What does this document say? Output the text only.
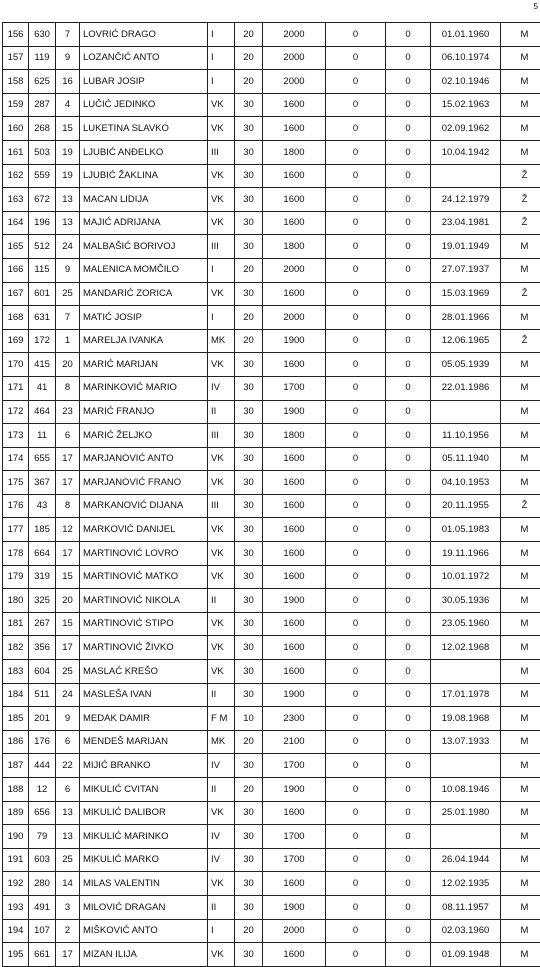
5
156	630	7	LOVRIĆ DRAGO	I	20	2000	0	0	01.01.1960	M
157	119	9	LOZANČIĆ ANTO	I	20	2000	0	0	06.10.1974	M
158	625	16	LUBAR JOSIP	I	20	2000	0	0	02.10.1946	M
159	287	4	LUČIĆ JEDINKO	VK	30	1600	0	0	15.02.1963	M
160	268	15	LUKETINA SLAVKO	VK	30	1600	0	0	02.09.1962	M
161	503	19	LJUBIĆ ANĐELKO	III	30	1800	0	0	10.04.1942	M
162	559	19	LJUBIĆ ŽAKLINA	VK	30	1600	0	0		Ž
163	672	13	MACAN LIDIJA	VK	30	1600	0	0	24.12.1979	Ž
164	196	13	MAJIĆ ADRIJANA	VK	30	1600	0	0	23.04.1981	Ž
165	512	24	MALBAŠIĆ BORIVOJ	III	30	1800	0	0	19.01.1949	M
166	115	9	MALENICA MOMČILO	I	20	2000	0	0	27.07.1937	M
167	601	25	MANDARIĆ ZORICA	VK	30	1600	0	0	15.03.1969	Ž
168	631	7	MATIĆ JOSIP	I	20	2000	0	0	28.01.1966	M
169	172	1	MARELJA IVANKA	MK	20	1900	0	0	12.06.1965	Ž
170	415	20	MARIĆ MARIJAN	VK	30	1600	0	0	05.05.1939	M
171	41	8	MARINKOVIĆ MARIO	IV	30	1700	0	0	22.01.1986	M
172	464	23	MARIĆ FRANJO	II	30	1900	0	0		M
173	11	6	MARIĆ ŽELJKO	III	30	1800	0	0	11.10.1956	M
174	655	17	MARJANOVIĆ ANTO	VK	30	1600	0	0	05.11.1940	M
175	367	17	MARJANOVIĆ FRANO	VK	30	1600	0	0	04.10.1953	M
176	43	8	MARKANOVIĆ DIJANA	III	30	1600	0	0	20.11.1955	Ž
177	185	12	MARKOVIĆ DANIJEL	VK	30	1600	0	0	01.05.1983	M
178	664	17	MARTINOVIĆ LOVRO	VK	30	1600	0	0	19.11.1966	M
179	319	15	MARTINOVIĆ MATKO	VK	30	1600	0	0	10.01.1972	M
180	325	20	MARTINOVIĆ NIKOLA	II	30	1900	0	0	30.05.1936	M
181	267	15	MARTINOVIĆ STIPO	VK	30	1600	0	0	23.05.1960	M
182	356	17	MARTINOVIĆ ŽIVKO	VK	30	1600	0	0	12.02.1968	M
183	604	25	MASLAĆ KREŠO	VK	30	1600	0	0		M
184	511	24	MASLEŠA IVAN	II	30	1900	0	0	17.01.1978	M
185	201	9	MEDAK DAMIR	F M	10	2300	0	0	19.08.1968	M
186	176	6	MENDEŠ MARIJAN	MK	20	2100	0	0	13.07.1933	M
187	444	22	MIJIĆ BRANKO	IV	30	1700	0	0		M
188	12	6	MIKULIĆ CVITAN	II	20	1900	0	0	10.08.1946	M
189	656	13	MIKULIĆ DALIBOR	VK	30	1600	0	0	25.01.1980	M
190	79	13	MIKULIĆ MARINKO	IV	30	1700	0	0		M
191	603	25	MIKULIĆ MARKO	IV	30	1700	0	0	26.04.1944	M
192	280	14	MILAS VALENTIN	VK	30	1600	0	0	12.02.1935	M
193	491	3	MILOVIĆ DRAGAN	II	30	1900	0	0	08.11.1957	M
194	107	2	MIŠKOVIĆ ANTO	I	20	2000	0	0	02.03.1960	M
195	661	17	MIZAN ILIJA	VK	30	1600	0	0	01.09.1948	M
